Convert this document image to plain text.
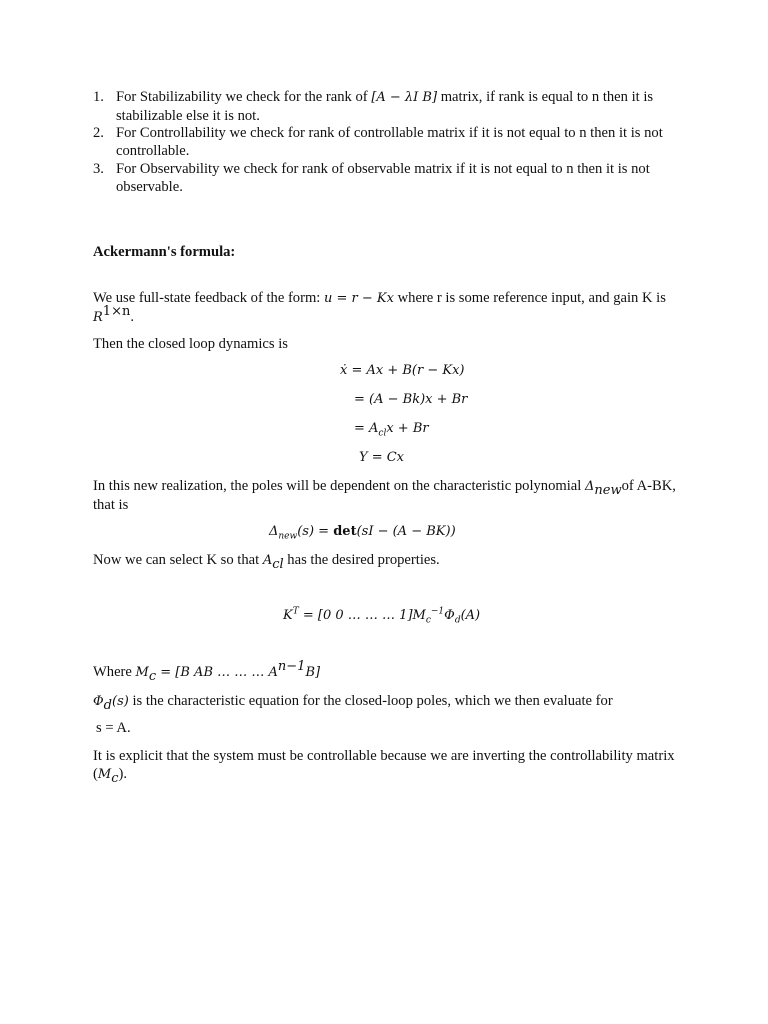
1. For Stabilizability we check for the rank of [A − λI B] matrix, if rank is equal to n then it is stabilizable else it is not.
2. For Controllability we check for rank of controllable matrix if it is not equal to n then it is not controllable.
3. For Observability we check for rank of observable matrix if it is not equal to n then it is not observable.
Ackermann's formula:
We use full-state feedback of the form: u = r − Kx where r is some reference input, and gain K is $R^{1\times n}$.
Then the closed loop dynamics is
ẋ = Ax + B(r − Kx)
= (A − Bk)x + Br
= $A_{cl}x + Br$
Y = Cx
In this new realization, the poles will be dependent on the characteristic polynomial $\Delta_{new}of$ A-BK, that is
$\Delta_{new}(s) = \det(sI - (A - BK))$
Now we can select K so that $A_{cl}$ has the desired properties.
$K^T = [0$ 0 … … … $1]M_c^{-1}\Phi_d(A)$
Where $M_c = [B$ AB … … … $A^{n-1}B$]
$\Phi_d(s)$ is the characteristic equation for the closed-loop poles, which we then evaluate for
s = A.
It is explicit that the system must be controllable because we are inverting the controllability matrix $(M_c)$.
